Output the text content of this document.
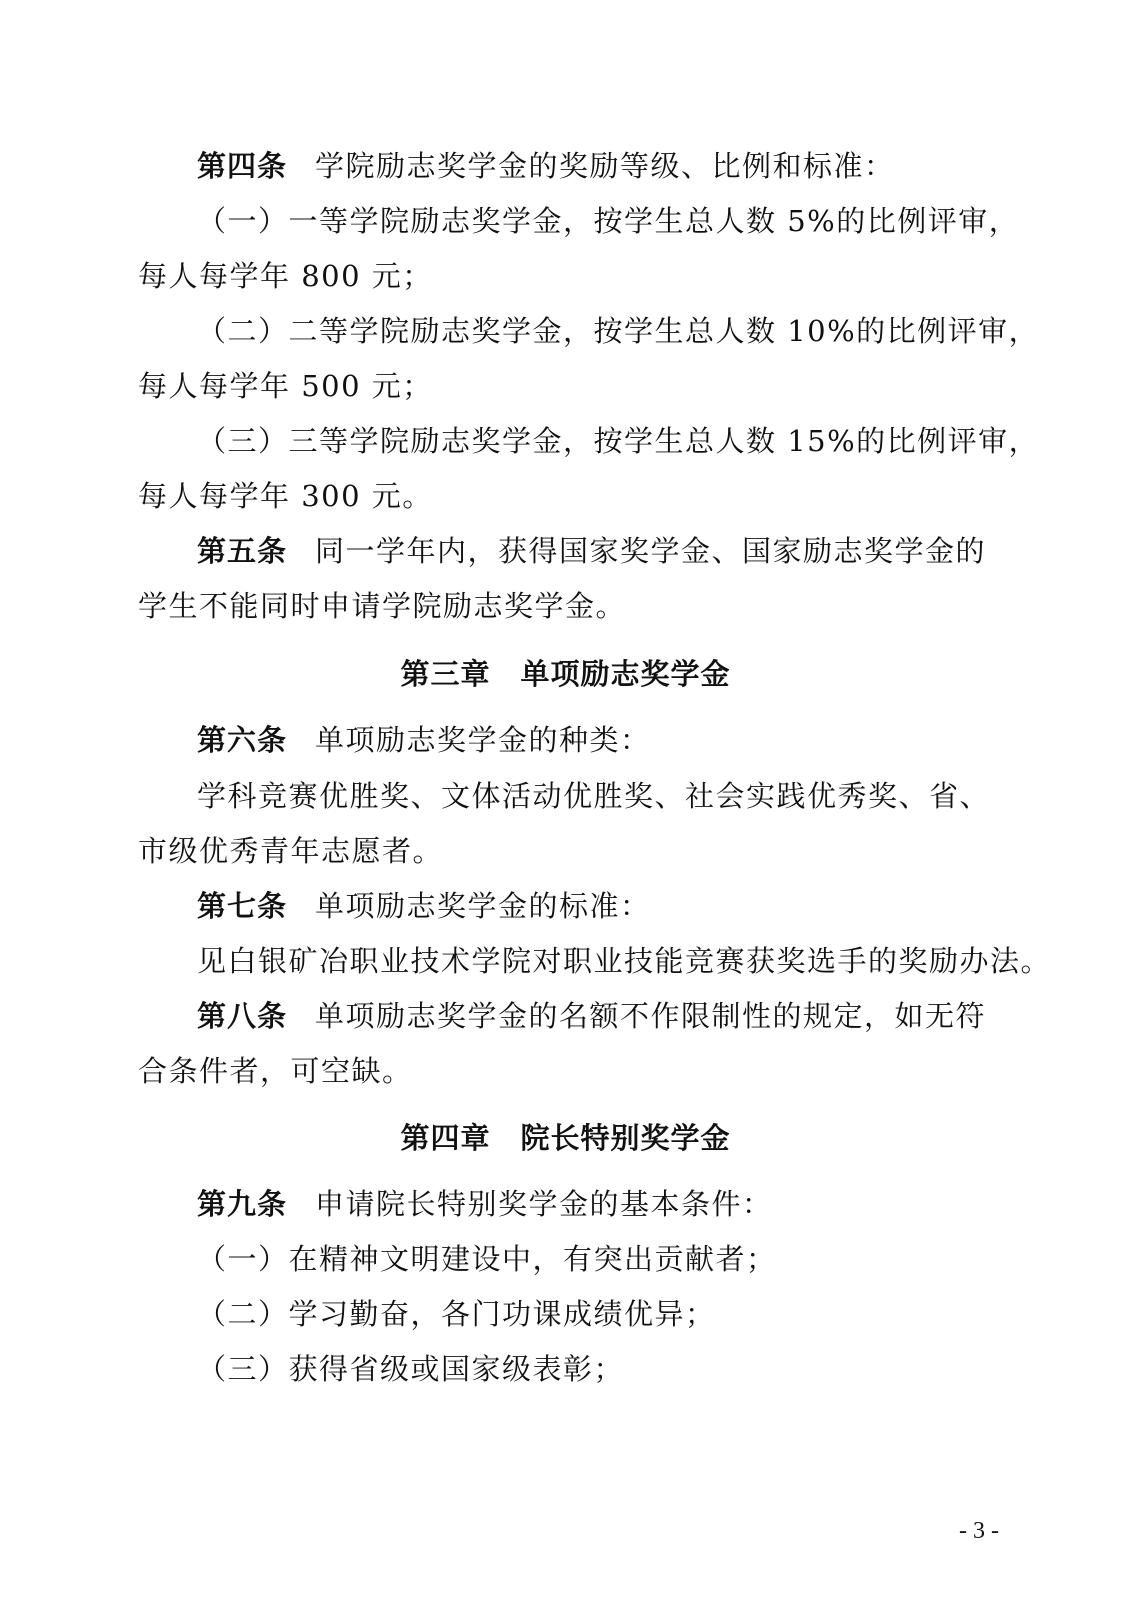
第四条 学院励志奖学金的奖励等级、比例和标准：
（一）一等学院励志奖学金，按学生总人数 5%的比例评审，
每人每学年 800 元；
（二）二等学院励志奖学金，按学生总人数 10%的比例评审，
每人每学年 500 元；
（三）三等学院励志奖学金，按学生总人数 15%的比例评审，
每人每学年 300 元。
第五条 同一学年内，获得国家奖学金、国家励志奖学金的
学生不能同时申请学院励志奖学金。
第三章　单项励志奖学金
第六条 单项励志奖学金的种类：
学科竞赛优胜奖、文体活动优胜奖、社会实践优秀奖、省、
市级优秀青年志愿者。
第七条 单项励志奖学金的标准：
见白银矿冶职业技术学院对职业技能竞赛获奖选手的奖励办法。
第八条 单项励志奖学金的名额不作限制性的规定，如无符
合条件者，可空缺。
第四章　院长特别奖学金
第九条 申请院长特别奖学金的基本条件：
（一）在精神文明建设中，有突出贡献者；
（二）学习勤奋，各门功课成绩优异；
（三）获得省级或国家级表彰；
- 3 -
